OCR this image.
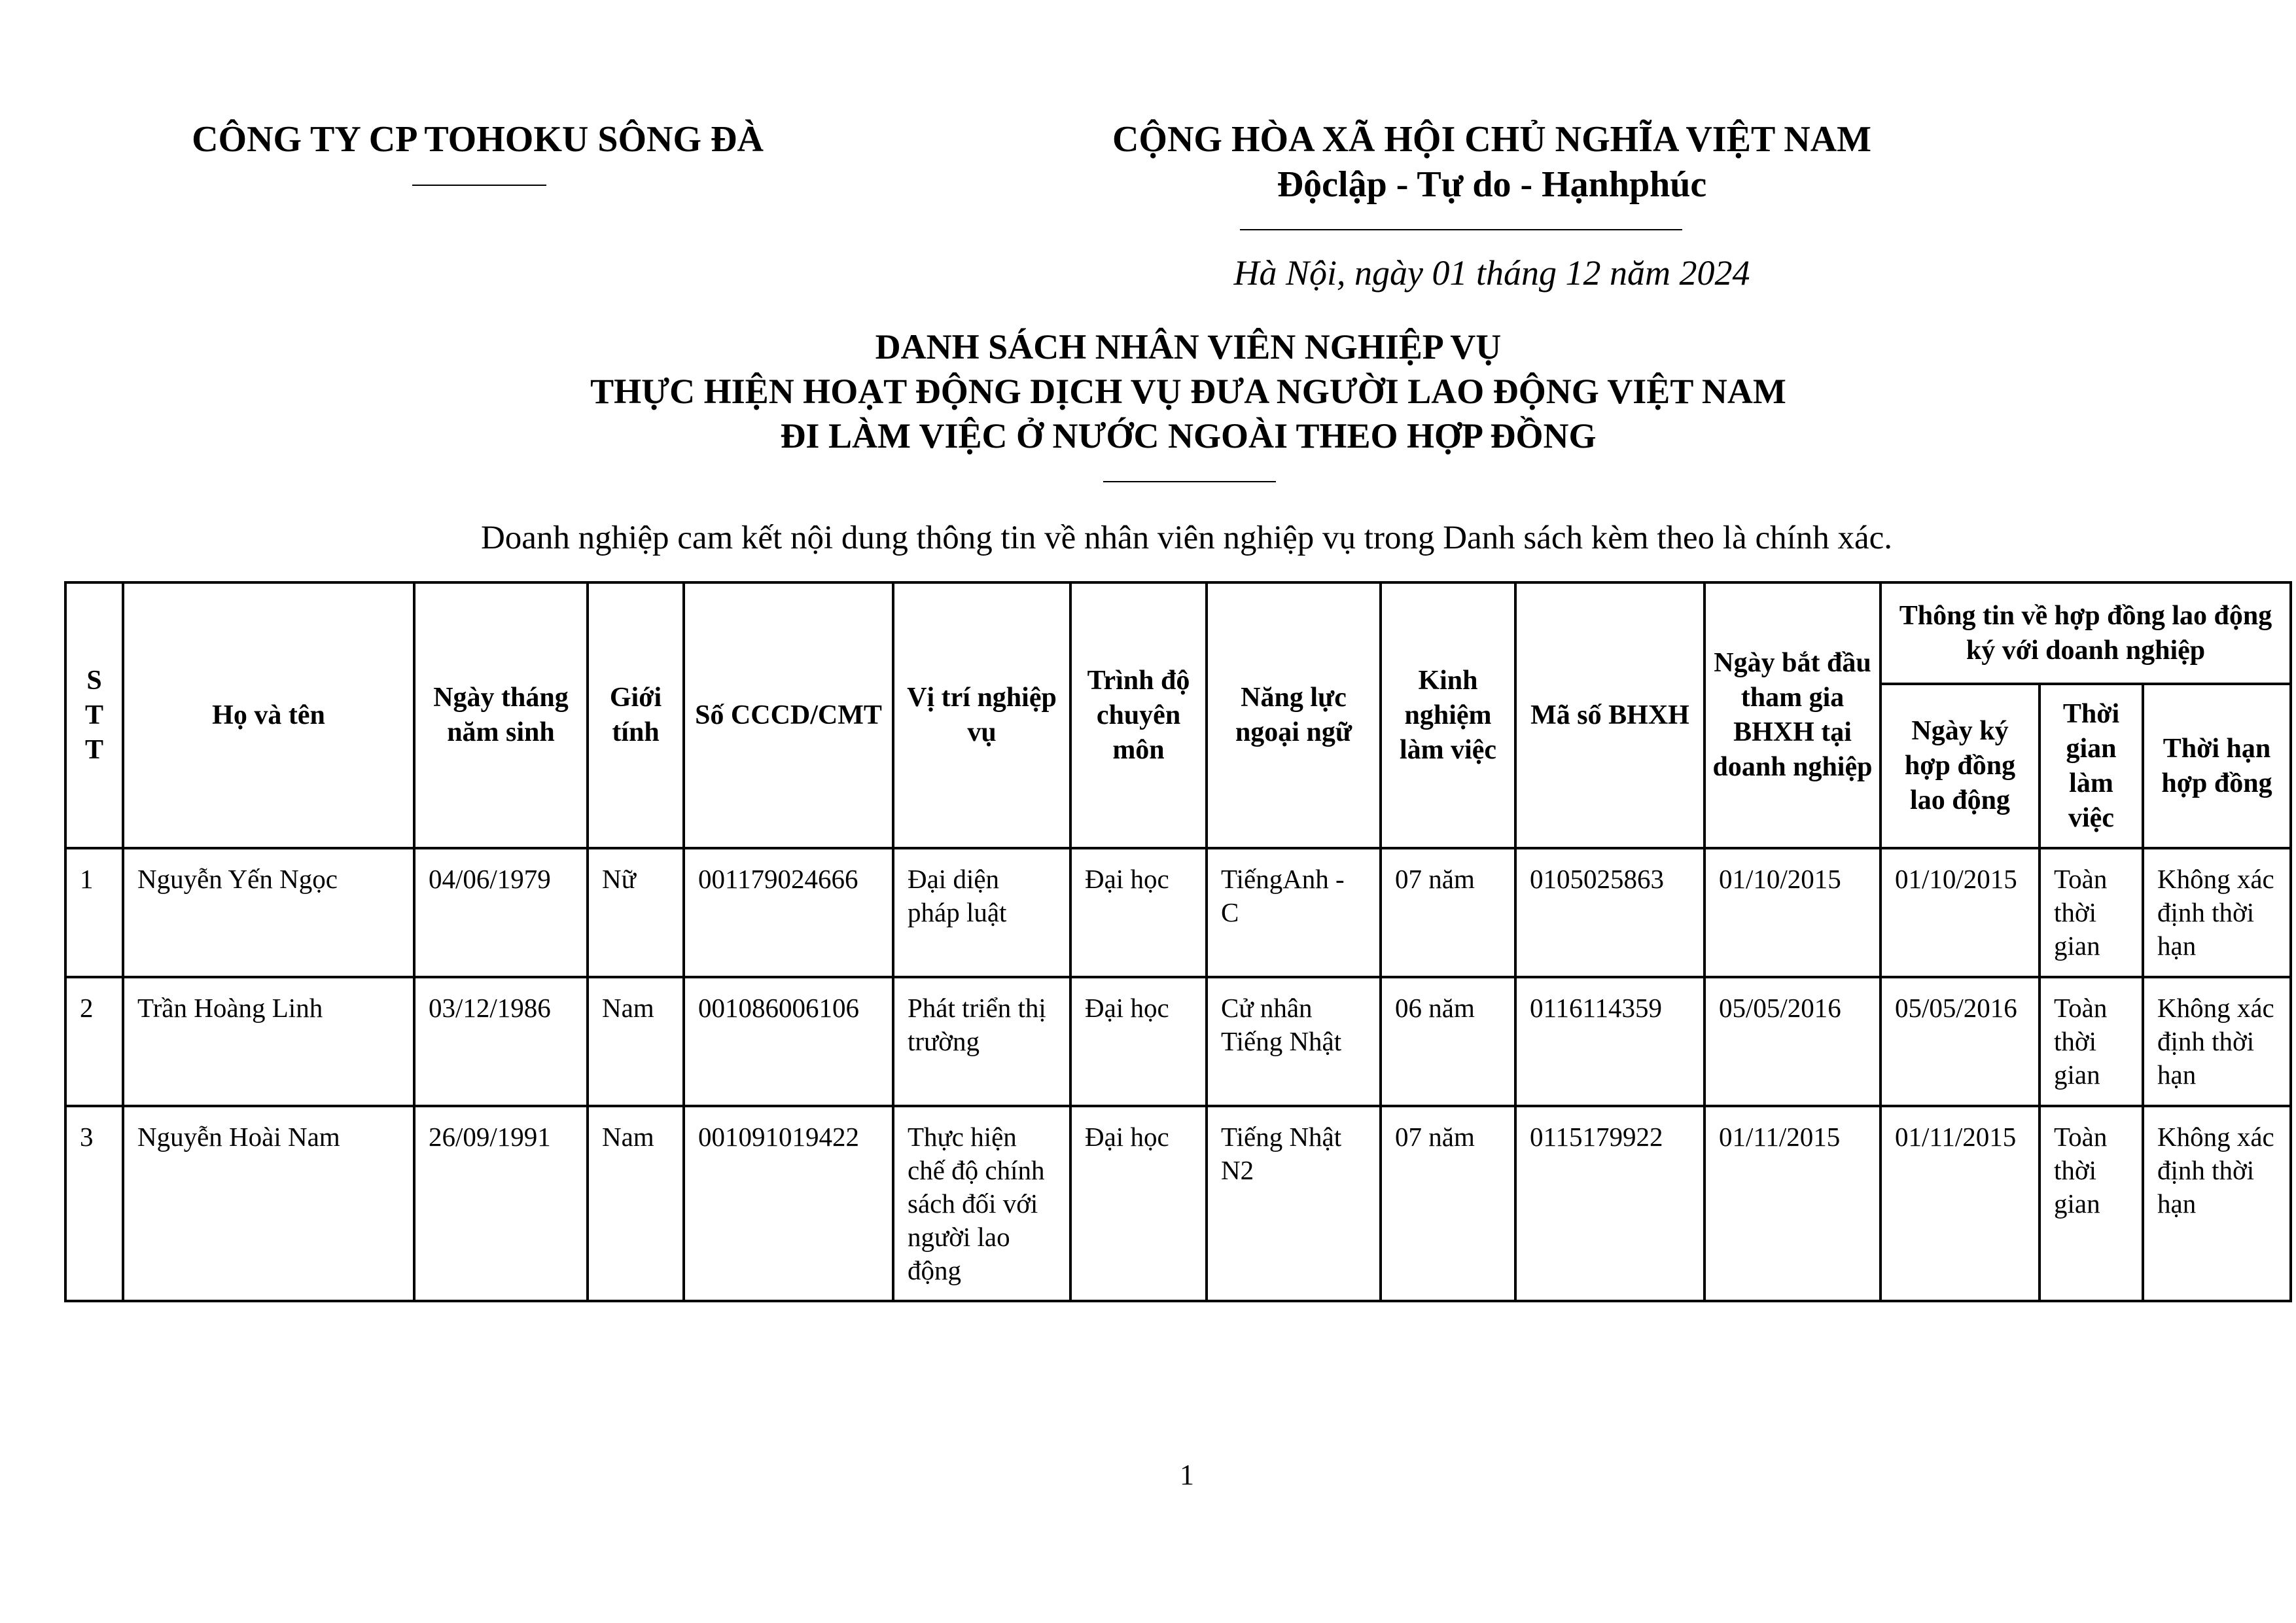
CÔNG TY CP TOHOKU SÔNG ĐÀ	CỘNG HÒA XÃ HỘI CHỦ NGHĨA VIỆT NAM
Độclập - Tự do - Hạnhphúc
Hà Nội, ngày 01 tháng 12 năm 2024
DANH SÁCH NHÂN VIÊN NGHIỆP VỤ
THỰC HIỆN HOẠT ĐỘNG DỊCH VỤ ĐƯA NGƯỜI LAO ĐỘNG VIỆT NAM
ĐI LÀM VIỆC Ở NƯỚC NGOÀI THEO HỢP ĐỒNG
Doanh nghiệp cam kết nội dung thông tin về nhân viên nghiệp vụ trong Danh sách kèm theo là chính xác.
S
T
T	Họ và tên	Ngày tháng năm sinh	Giới tính	Số CCCD/CMT	Vị trí nghiệp vụ	Trình độ chuyên môn	Năng lực ngoại ngữ	Kinh nghiệm làm việc	Mã số BHXH	Ngày bắt đầu tham gia BHXH tại doanh nghiệp	Thông tin về hợp đồng lao động ký với doanh nghiệp		
											Ngày ký hợp đồng lao động	Thời gian làm việc	Thời hạn hợp đồng
1	Nguyễn Yến Ngọc	04/06/1979	Nữ	001179024666	Đại diện pháp luật	Đại học	TiếngAnh - C	07 năm	0105025863	01/10/2015	01/10/2015	Toàn thời gian	Không xác định thời hạn
2	Trần Hoàng Linh	03/12/1986	Nam	001086006106	Phát triển thị trường	Đại học	Cử nhân Tiếng Nhật	06 năm	0116114359	05/05/2016	05/05/2016	Toàn thời gian	Không xác định thời hạn
3	Nguyễn Hoài Nam	26/09/1991	Nam	001091019422	Thực hiện chế độ chính sách đối với người lao động	Đại học	Tiếng Nhật N2	07 năm	0115179922	01/11/2015	01/11/2015	Toàn thời gian	Không xác định thời hạn
1
